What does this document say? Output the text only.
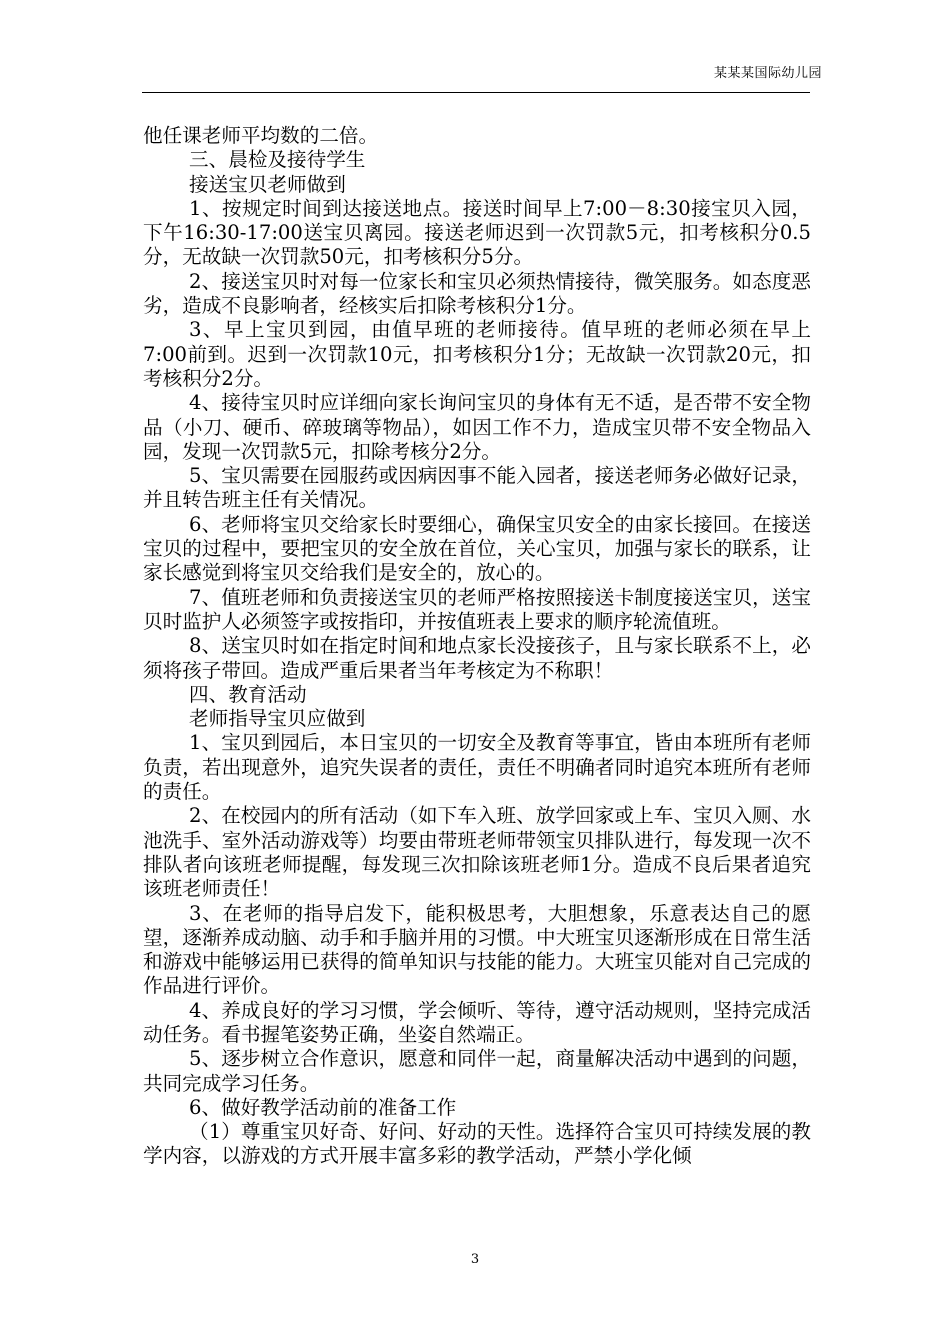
某某某国际幼儿园

他任课老师平均数的二倍。

三、晨检及接待学生

接送宝贝老师做到

1、按规定时间到达接送地点。接送时间早上7:00－8:30接宝贝入园，下午16:30-17:00送宝贝离园。接送老师迟到一次罚款5元，扣考核积分0.5分，无故缺一次罚款50元，扣考核积分5分。

2、接送宝贝时对每一位家长和宝贝必须热情接待，微笑服务。如态度恶劣，造成不良影响者，经核实后扣除考核积分1分。

3、早上宝贝到园，由值早班的老师接待。值早班的老师必须在早上7:00前到。迟到一次罚款10元，扣考核积分1分；无故缺一次罚款20元，扣考核积分2分。

4、接待宝贝时应详细向家长询问宝贝的身体有无不适，是否带不安全物品（小刀、硬币、碎玻璃等物品），如因工作不力，造成宝贝带不安全物品入园，发现一次罚款5元，扣除考核分2分。

5、宝贝需要在园服药或因病因事不能入园者，接送老师务必做好记录，并且转告班主任有关情况。

6、老师将宝贝交给家长时要细心，确保宝贝安全的由家长接回。在接送宝贝的过程中，要把宝贝的安全放在首位，关心宝贝，加强与家长的联系，让家长感觉到将宝贝交给我们是安全的，放心的。

7、值班老师和负责接送宝贝的老师严格按照接送卡制度接送宝贝，送宝贝时监护人必须签字或按指印，并按值班表上要求的顺序轮流值班。

8、送宝贝时如在指定时间和地点家长没接孩子，且与家长联系不上，必须将孩子带回。造成严重后果者当年考核定为不称职！

四、教育活动

老师指导宝贝应做到

1、宝贝到园后，本日宝贝的一切安全及教育等事宜，皆由本班所有老师负责，若出现意外，追究失误者的责任，责任不明确者同时追究本班所有老师的责任。

2、在校园内的所有活动（如下车入班、放学回家或上车、宝贝入厕、水池洗手、室外活动游戏等）均要由带班老师带领宝贝排队进行，每发现一次不排队者向该班老师提醒，每发现三次扣除该班老师1分。造成不良后果者追究该班老师责任！

3、在老师的指导启发下，能积极思考，大胆想象，乐意表达自己的愿望，逐渐养成动脑、动手和手脑并用的习惯。中大班宝贝逐渐形成在日常生活和游戏中能够运用已获得的简单知识与技能的能力。大班宝贝能对自己完成的作品进行评价。

4、养成良好的学习习惯，学会倾听、等待，遵守活动规则，坚持完成活动任务。看书握笔姿势正确，坐姿自然端正。

5、逐步树立合作意识，愿意和同伴一起，商量解决活动中遇到的问题，共同完成学习任务。

6、做好教学活动前的准备工作

（1）尊重宝贝好奇、好问、好动的天性。选择符合宝贝可持续发展的教学内容，以游戏的方式开展丰富多彩的教学活动，严禁小学化倾

3
